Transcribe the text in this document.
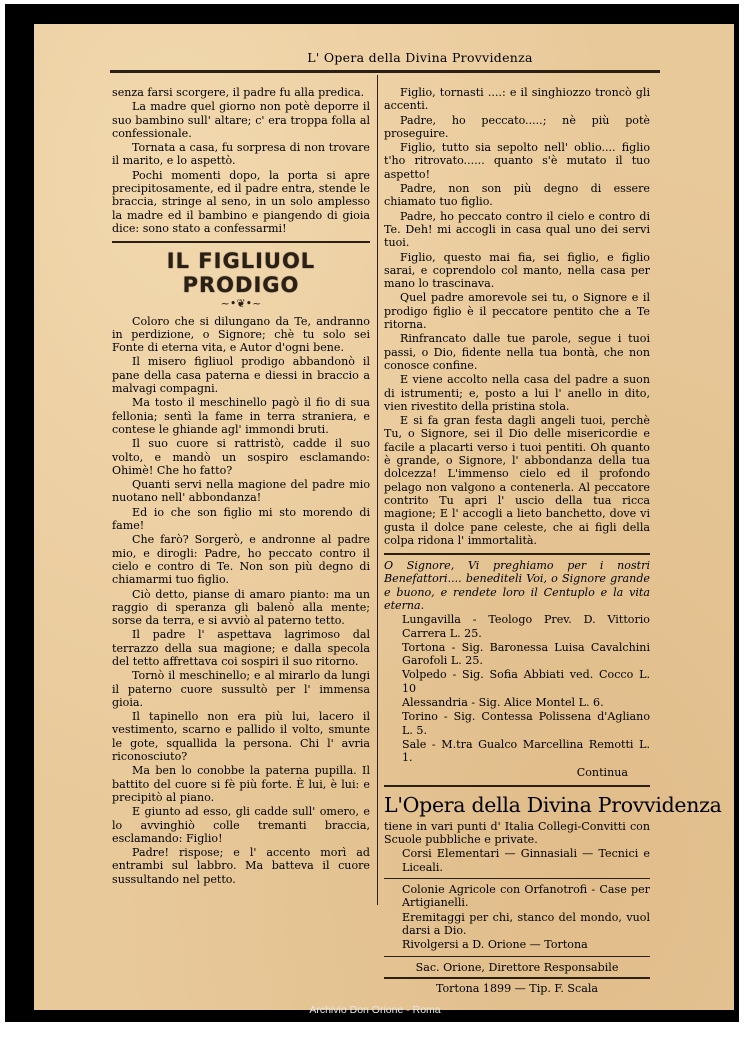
L' Opera della Divina Provvidenza

senza farsi scorgere, il padre fu alla predica.

La madre quel giorno non potè deporre il suo bambino sull' altare; c' era troppa folla al confessionale.

Tornata a casa, fu sorpresa di non trovare il marito, e lo aspettò.

Pochi momenti dopo, la porta si apre precipitosamente, ed il padre entra, stende le braccia, stringe al seno, in un solo amplesso la madre ed il bambino e piangendo di gioia dice: sono stato a confessarmi!

IL FIGLIUOL PRODIGO
~•❦•~

Coloro che si dilungano da Te, andranno in perdizione, o Signore; chè tu solo sei Fonte di eterna vita, e Autor d'ogni bene.

Il misero figliuol prodigo abbandonò il pane della casa paterna e diessi in braccio a malvagi compagni.

Ma tosto il meschinello pagò il fio di sua fellonia; sentì la fame in terra straniera, e contese le ghiande agl' immondi bruti.

Il suo cuore si rattristò, cadde il suo volto, e mandò un sospiro esclamando: Ohimè! Che ho fatto?

Quanti servi nella magione del padre mio nuotano nell' abbondanza!

Ed io che son figlio mi sto morendo di fame!

Che farò? Sorgerò, e andronne al padre mio, e dirogli: Padre, ho peccato contro il cielo e contro di Te. Non son più degno di chiamarmi tuo figlio.

Ciò detto, pianse di amaro pianto: ma un raggio di speranza gli balenò alla mente; sorse da terra, e si avviò al paterno tetto.

Il padre l' aspettava lagrimoso dal terrazzo della sua magione; e dalla specola del tetto affrettava coi sospiri il suo ritorno.

Tornò il meschinello; e al mirarlo da lungi il paterno cuore sussultò per l' immensa gioia.

Il tapinello non era più lui, lacero il vestimento, scarno e pallido il volto, smunte le gote, squallida la persona. Chi l' avria riconosciuto?

Ma ben lo conobbe la paterna pupilla. Il battito del cuore si fè più forte. È lui, è lui: e precipitò al piano.

E giunto ad esso, gli cadde sull' omero, e lo avvinghiò colle tremanti braccia, esclamando: Figlio!

Padre! rispose; e l' accento morì ad entrambi sul labbro. Ma batteva il cuore sussultando nel petto.

Figlio, tornasti ....: e il singhiozzo troncò gli accenti.

Padre, ho peccato.....; nè più potè proseguire.

Figlio, tutto sia sepolto nell' oblio.... figlio t'ho ritrovato...... quanto s'è mutato il tuo aspetto!

Padre, non son più degno di essere chiamato tuo figlio.

Padre, ho peccato contro il cielo e contro di Te. Deh! mi accogli in casa qual uno dei servi tuoi.

Figlio, questo mai fia, sei figlio, e figlio sarai, e coprendolo col manto, nella casa per mano lo trascinava.

Quel padre amorevole sei tu, o Signore e il prodigo figlio è il peccatore pentito che a Te ritorna.

Rinfrancato dalle tue parole, segue i tuoi passi, o Dio, fidente nella tua bontà, che non conosce confine.

E viene accolto nella casa del padre a suon di istrumenti; e, posto a lui l' anello in dito, vien rivestito della pristina stola.

E si fa gran festa dagli angeli tuoi, perchè Tu, o Signore, sei il Dio delle misericordie e facile a placarti verso i tuoi pentiti. Oh quanto è grande, o Signore, l' abbondanza della tua dolcezza! L'immenso cielo ed il profondo pelago non valgono a contenerla. Al peccatore contrito Tu apri l' uscio della tua ricca magione; E l' accogli a lieto banchetto, dove vi gusta il dolce pane celeste, che ai figli della colpa ridona l' immortalità.

O Signore, Vi preghiamo per i nostri Benefattori.... benediteli Voi, o Signore grande e buono, e rendete loro il Centuplo e la vita eterna.

Lungavilla - Teologo Prev. D. Vittorio Carrera L. 25.

Tortona - Sig. Baronessa Luisa Cavalchini Garofoli L. 25.

Volpedo - Sig. Sofia Abbiati ved. Cocco L. 10

Alessandria - Sig. Alice Montel L. 6.

Torino - Sig. Contessa Polissena d'Agliano L. 5.

Sale - M.tra Gualco Marcellina Remotti L. 1.

Continua

L'Opera della Divina Provvidenza

tiene in vari punti d' Italia Collegi-Convitti con Scuole pubbliche e private.

Corsi Elementari — Ginnasiali — Tecnici e Liceali.

Colonie Agricole con Orfanotrofi - Case per Artigianelli.

Eremitaggi per chi, stanco del mondo, vuol darsi a Dio.

Rivolgersi a D. Orione — Tortona

Sac. Orione, Direttore Responsabile

Tortona 1899 — Tip. F. Scala

Archivio Don Orione - Roma
